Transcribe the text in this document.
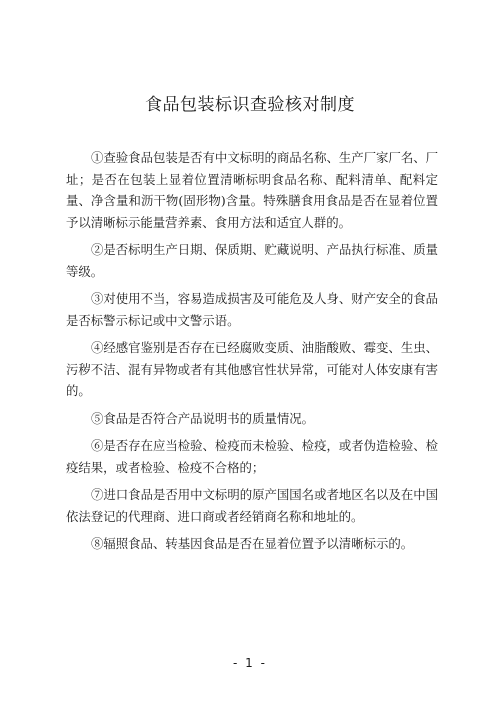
食品包装标识查验核对制度

①查验食品包装是否有中文标明的商品名称、生产厂家厂名、厂址；是否在包装上显着位置清晰标明食品名称、配料清单、配料定量、净含量和沥干物(固形物)含量。特殊膳食用食品是否在显着位置予以清晰标示能量营养素、食用方法和适宜人群的。

②是否标明生产日期、保质期、贮藏说明、产品执行标准、质量等级。

③对使用不当，容易造成损害及可能危及人身、财产安全的食品是否标警示标记或中文警示语。

④经感官鉴别是否存在已经腐败变质、油脂酸败、霉变、生虫、污秽不洁、混有异物或者有其他感官性状异常，可能对人体安康有害的。

⑤食品是否符合产品说明书的质量情况。

⑥是否存在应当检验、检疫而未检验、检疫，或者伪造检验、检疫结果，或者检验、检疫不合格的；

⑦进口食品是否用中文标明的原产国国名或者地区名以及在中国依法登记的代理商、进口商或者经销商名称和地址的。

⑧辐照食品、转基因食品是否在显着位置予以清晰标示的。

- 1 -
